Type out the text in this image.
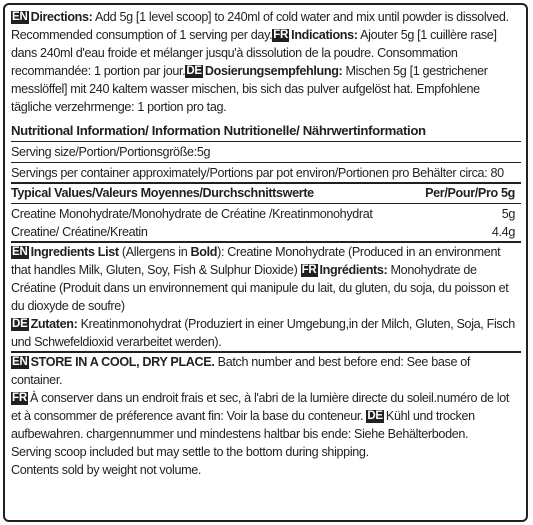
EN Directions: Add 5g [1 level scoop] to 240ml of cold water and mix until powder is dissolved. Recommended consumption of 1 serving per day.FR Indications: Ajouter 5g [1 cuillère rase] dans 240ml d'eau froide et mélanger jusqu'à dissolution de la poudre. Consommation recommandée: 1 portion par jour.DE Dosierungsempfehlung: Mischen 5g [1 gestrichener messlöffel] mit 240 kaltem wasser mischen, bis sich das pulver aufgelöst hat. Empfohlene tägliche verzehrmenge: 1 portion pro tag.

Nutritional Information/ Information Nutritionelle/ Nährwertinformation

Serving size/Portion/Portionsgröße:5g

Servings per container approximately/Portions par pot environ/Portionen pro Behälter circa: 80

Typical Values/Valeurs Moyennes/Durchschnittswerte	Per/Pour/Pro 5g
Creatine Monohydrate/Monohydrate de Créatine /Kreatinmonohydrat	5g
Creatine/ Créatine/Kreatin	4.4g

EN Ingredients List (Allergens in Bold): Creatine Monohydrate (Produced in an environment that handles Milk, Gluten, Soy, Fish & Sulphur Dioxide) FR Ingrédients: Monohydrate de Créatine (Produit dans un environnement qui manipule du lait, du gluten, du soja, du poisson et du dioxyde de soufre)
DE Zutaten: Kreatinmonohydrat (Produziert in einer Umgebung,in der Milch, Gluten, Soja, Fisch und Schwefeldioxid verarbeitet werden).

EN STORE IN A COOL, DRY PLACE. Batch number and best before end: See base of container.
FR À conserver dans un endroit frais et sec, à l'abri de la lumière directe du soleil.numéro de lot et à consommer de préference avant fin: Voir la base du conteneur. DE Kühl und trocken aufbewahren. chargennummer und mindestens haltbar bis ende: Siehe Behälterboden.
Serving scoop included but may settle to the bottom during shipping.
Contents sold by weight not volume.
